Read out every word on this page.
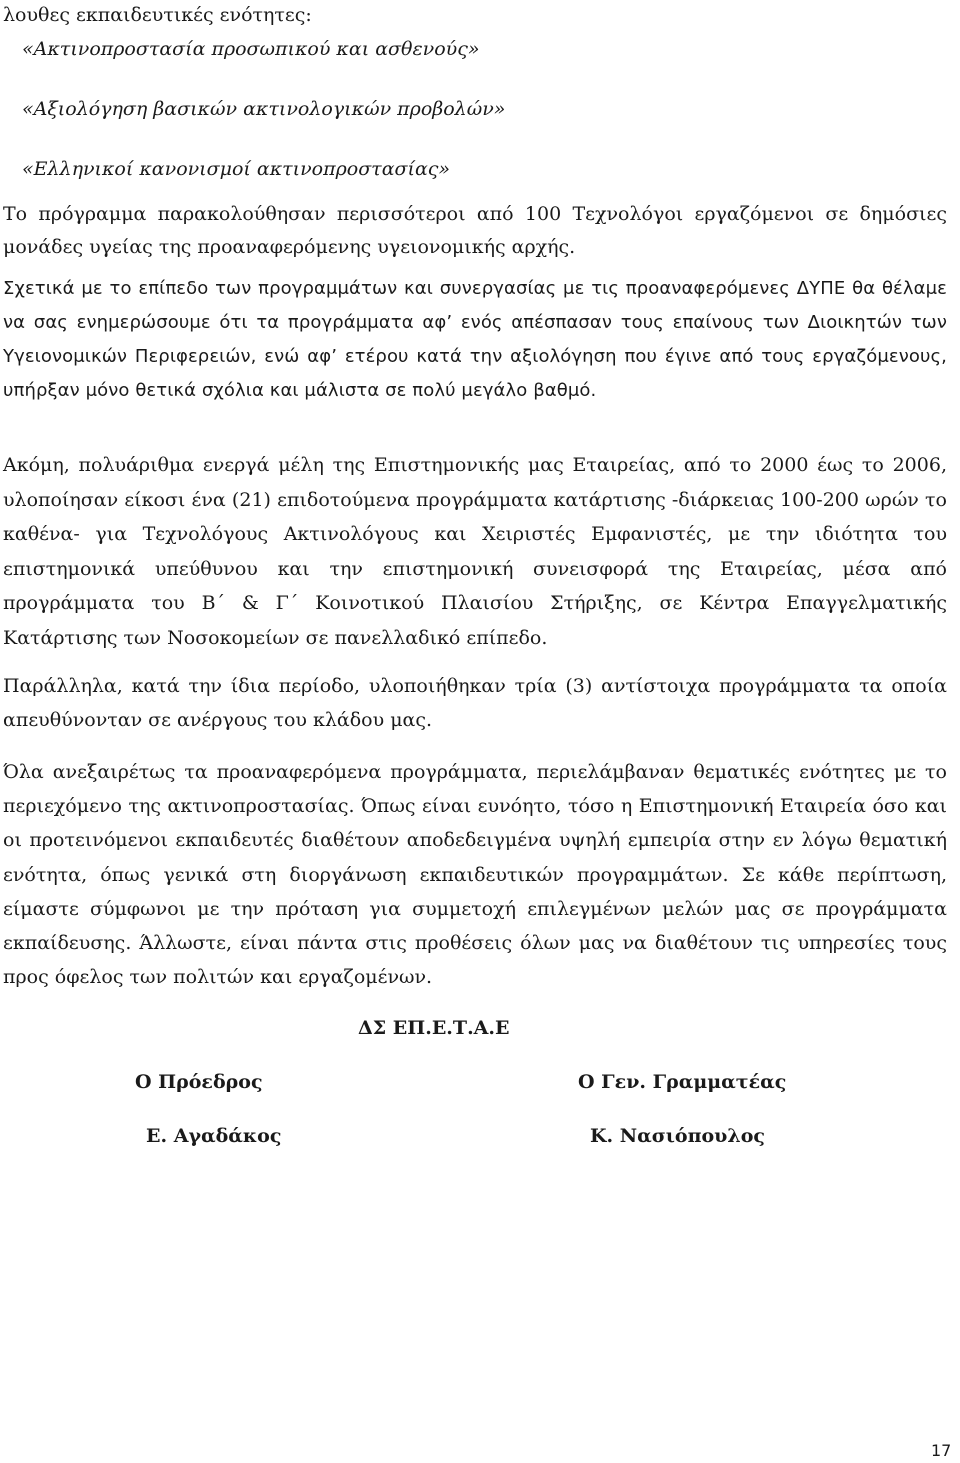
λουθες εκπαιδευτικές ενότητες:
«Ακτινοπροστασία προσωπικού και ασθενούς»
«Αξιολόγηση βασικών ακτινολογικών προβολών»
«Ελληνικοί κανονισμοί ακτινοπροστασίας»

Το πρόγραμμα παρακολούθησαν περισσότεροι από 100 Τεχνολόγοι εργαζόμενοι σε δημόσιες μονάδες υγείας της προαναφερόμενης υγειονομικής αρχής.

Σχετικά με το επίπεδο των προγραμμάτων και συνεργασίας με τις προαναφερόμενες ΔΥΠΕ θα θέλαμε να σας ενημερώσουμε ότι τα προγράμματα αφ’ ενός απέσπασαν τους επαίνους των Διοικητών των Υγειονομικών Περιφερειών, ενώ αφ’ ετέρου κατά την αξιολόγηση που έγινε από τους εργαζόμενους, υπήρξαν μόνο θετικά σχόλια και μάλιστα σε πολύ μεγάλο βαθμό.

Ακόμη, πολυάριθμα ενεργά μέλη της Επιστημονικής μας Εταιρείας, από το 2000 έως το 2006, υλοποίησαν είκοσι ένα (21) επιδοτούμενα προγράμματα κατάρτισης -διάρκειας 100-200 ωρών το καθένα- για Τεχνολόγους Ακτινολόγους και Χειριστές Εμφανιστές, με την ιδιότητα του επιστημονικά υπεύθυνου και την επιστημονική συνεισφορά της Εταιρείας, μέσα από προγράμματα του Β΄ & Γ΄ Κοινοτικού Πλαισίου Στήριξης, σε Κέντρα Επαγγελματικής Κατάρτισης των Νοσοκομείων σε πανελλαδικό επίπεδο.

Παράλληλα, κατά την ίδια περίοδο, υλοποιήθηκαν τρία (3) αντίστοιχα προγράμματα τα οποία απευθύνονταν σε ανέργους του κλάδου μας.

Όλα ανεξαιρέτως τα προαναφερόμενα προγράμματα, περιελάμβαναν θεματικές ενότητες με το περιεχόμενο της ακτινοπροστασίας. Όπως είναι ευνόητο, τόσο η Επιστημονική Εταιρεία όσο και οι προτεινόμενοι εκπαιδευτές διαθέτουν αποδεδειγμένα υψηλή εμπειρία στην εν λόγω θεματική ενότητα, όπως γενικά στη διοργάνωση εκπαιδευτικών προγραμμάτων. Σε κάθε περίπτωση, είμαστε σύμφωνοι με την πρόταση για συμμετοχή επιλεγμένων μελών μας σε προγράμματα εκπαίδευσης. Άλλωστε, είναι πάντα στις προθέσεις όλων μας να διαθέτουν τις υπηρεσίες τους προς όφελος των πολιτών και εργαζομένων.

ΔΣ ΕΠ.Ε.Τ.Α.Ε
Ο Πρόεδρος	Ο Γεν. Γραμματέας
Ε. Αγαδάκος	Κ. Νασιόπουλος
17
